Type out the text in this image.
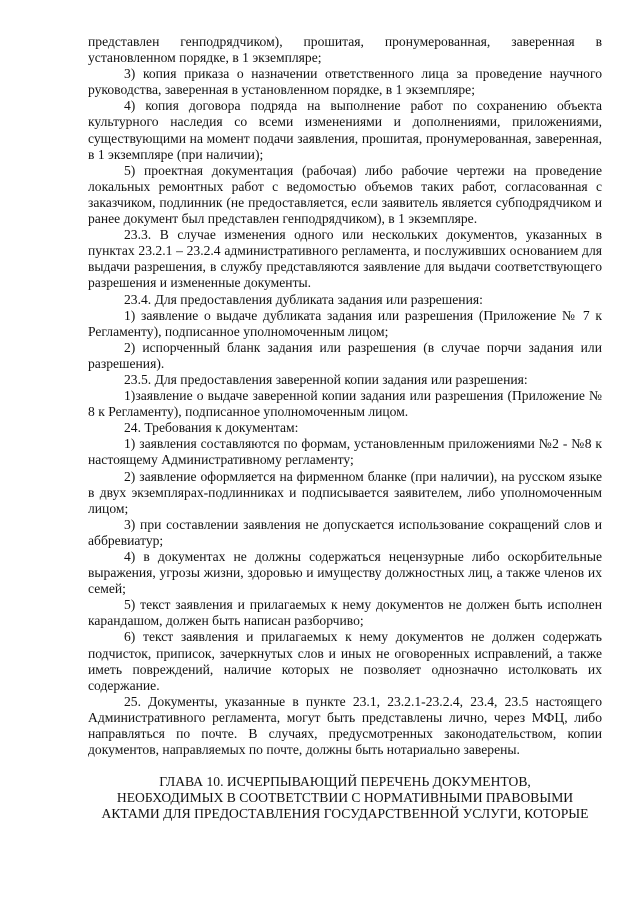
представлен генподрядчиком), прошитая, пронумерованная, заверенная в установленном порядке, в 1 экземпляре;

3) копия приказа о назначении ответственного лица за проведение научного руководства, заверенная в установленном порядке, в 1 экземпляре;

4) копия договора подряда на выполнение работ по сохранению объекта культурного наследия со всеми изменениями и дополнениями, приложениями, существующими на момент подачи заявления, прошитая, пронумерованная, заверенная, в 1 экземпляре (при наличии);

5) проектная документация (рабочая) либо рабочие чертежи на проведение локальных ремонтных работ с ведомостью объемов таких работ, согласованная с заказчиком, подлинник (не предоставляется, если заявитель является субподрядчиком и ранее документ был представлен генподрядчиком), в 1 экземпляре.

23.3. В случае изменения одного или нескольких документов, указанных в пунктах 23.2.1 – 23.2.4 административного регламента, и послуживших основанием для выдачи разрешения, в службу представляются заявление для выдачи соответствующего разрешения и измененные документы.

23.4. Для предоставления дубликата задания или разрешения:

1) заявление о выдаче дубликата задания или разрешения (Приложение № 7 к Регламенту), подписанное уполномоченным лицом;

2) испорченный бланк задания или разрешения (в случае порчи задания или разрешения).

23.5. Для предоставления заверенной копии задания или разрешения:

1)заявление о выдаче заверенной копии задания или разрешения (Приложение № 8 к Регламенту), подписанное уполномоченным лицом.

24. Требования к документам:

1) заявления составляются по формам, установленным приложениями №2 - №8 к настоящему Административному регламенту;

2) заявление оформляется на фирменном бланке (при наличии), на русском языке в двух экземплярах-подлинниках и подписывается заявителем, либо уполномоченным лицом;

3) при составлении заявления не допускается использование сокращений слов и аббревиатур;

4) в документах не должны содержаться нецензурные либо оскорбительные выражения, угрозы жизни, здоровью и имуществу должностных лиц, а также членов их семей;

5) текст заявления и прилагаемых к нему документов не должен быть исполнен карандашом, должен быть написан разборчиво;

6) текст заявления и прилагаемых к нему документов не должен содержать подчисток, приписок, зачеркнутых слов и иных не оговоренных исправлений, а также иметь повреждений, наличие которых не позволяет однозначно истолковать их содержание.

25. Документы, указанные в пункте 23.1, 23.2.1-23.2.4, 23.4, 23.5 настоящего Административного регламента, могут быть представлены лично, через МФЦ, либо направляться по почте. В случаях, предусмотренных законодательством, копии документов, направляемых по почте, должны быть нотариально заверены.

ГЛАВА 10. ИСЧЕРПЫВАЮЩИЙ ПЕРЕЧЕНЬ ДОКУМЕНТОВ,
НЕОБХОДИМЫХ В СООТВЕТСТВИИ С НОРМАТИВНЫМИ ПРАВОВЫМИ
АКТАМИ ДЛЯ ПРЕДОСТАВЛЕНИЯ ГОСУДАРСТВЕННОЙ УСЛУГИ, КОТОРЫЕ
